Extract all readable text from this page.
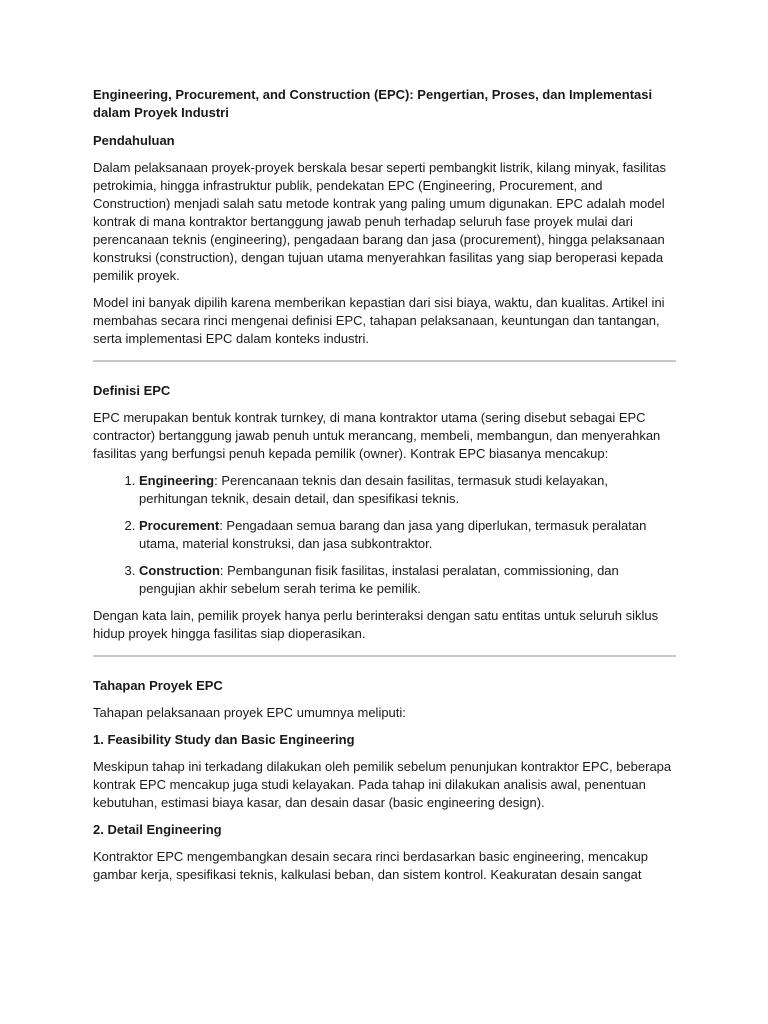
Engineering, Procurement, and Construction (EPC): Pengertian, Proses, dan Implementasi dalam Proyek Industri
Pendahuluan

Dalam pelaksanaan proyek-proyek berskala besar seperti pembangkit listrik, kilang minyak, fasilitas petrokimia, hingga infrastruktur publik, pendekatan EPC (Engineering, Procurement, and Construction) menjadi salah satu metode kontrak yang paling umum digunakan. EPC adalah model kontrak di mana kontraktor bertanggung jawab penuh terhadap seluruh fase proyek mulai dari perencanaan teknis (engineering), pengadaan barang dan jasa (procurement), hingga pelaksanaan konstruksi (construction), dengan tujuan utama menyerahkan fasilitas yang siap beroperasi kepada pemilik proyek.

Model ini banyak dipilih karena memberikan kepastian dari sisi biaya, waktu, dan kualitas. Artikel ini membahas secara rinci mengenai definisi EPC, tahapan pelaksanaan, keuntungan dan tantangan, serta implementasi EPC dalam konteks industri.

Definisi EPC

EPC merupakan bentuk kontrak turnkey, di mana kontraktor utama (sering disebut sebagai EPC contractor) bertanggung jawab penuh untuk merancang, membeli, membangun, dan menyerahkan fasilitas yang berfungsi penuh kepada pemilik (owner). Kontrak EPC biasanya mencakup:

1. Engineering: Perencanaan teknis dan desain fasilitas, termasuk studi kelayakan, perhitungan teknik, desain detail, dan spesifikasi teknis.
2. Procurement: Pengadaan semua barang dan jasa yang diperlukan, termasuk peralatan utama, material konstruksi, dan jasa subkontraktor.
3. Construction: Pembangunan fisik fasilitas, instalasi peralatan, commissioning, dan pengujian akhir sebelum serah terima ke pemilik.

Dengan kata lain, pemilik proyek hanya perlu berinteraksi dengan satu entitas untuk seluruh siklus hidup proyek hingga fasilitas siap dioperasikan.

Tahapan Proyek EPC

Tahapan pelaksanaan proyek EPC umumnya meliputi:

1. Feasibility Study dan Basic Engineering

Meskipun tahap ini terkadang dilakukan oleh pemilik sebelum penunjukan kontraktor EPC, beberapa kontrak EPC mencakup juga studi kelayakan. Pada tahap ini dilakukan analisis awal, penentuan kebutuhan, estimasi biaya kasar, dan desain dasar (basic engineering design).

2. Detail Engineering

Kontraktor EPC mengembangkan desain secara rinci berdasarkan basic engineering, mencakup gambar kerja, spesifikasi teknis, kalkulasi beban, dan sistem kontrol. Keakuratan desain sangat
